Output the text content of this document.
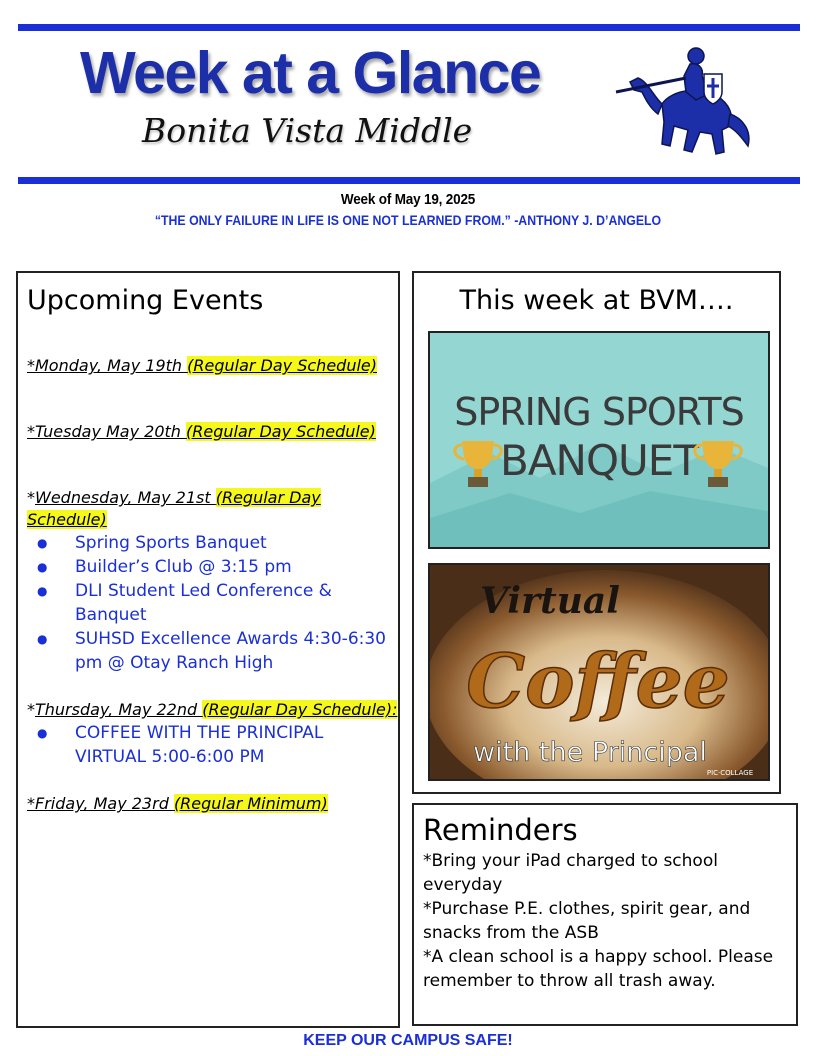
Week at a Glance
Bonita Vista Middle
Week of May 19, 2025
“THE ONLY FAILURE IN LIFE IS ONE NOT LEARNED FROM.” -ANTHONY J. D’ANGELO
Upcoming Events
*Monday, May 19th (Regular Day Schedule)
*Tuesday May 20th (Regular Day Schedule)
*Wednesday, May 21st (Regular Day Schedule)
● Spring Sports Banquet
● Builder’s Club @ 3:15 pm
● DLI Student Led Conference & Banquet
● SUHSD Excellence Awards 4:30-6:30 pm @ Otay Ranch High
*Thursday, May 22nd (Regular Day Schedule):
● COFFEE WITH THE PRINCIPAL VIRTUAL 5:00-6:00 PM
*Friday, May 23rd (Regular Minimum)
This week at BVM….
SPRING SPORTS
BANQUET
Virtual
Coffee
with the Principal
PIC·COLLAGE
Reminders
*Bring your iPad charged to school everyday
*Purchase P.E. clothes, spirit gear, and snacks from the ASB
*A clean school is a happy school. Please remember to throw all trash away.
KEEP OUR CAMPUS SAFE!
